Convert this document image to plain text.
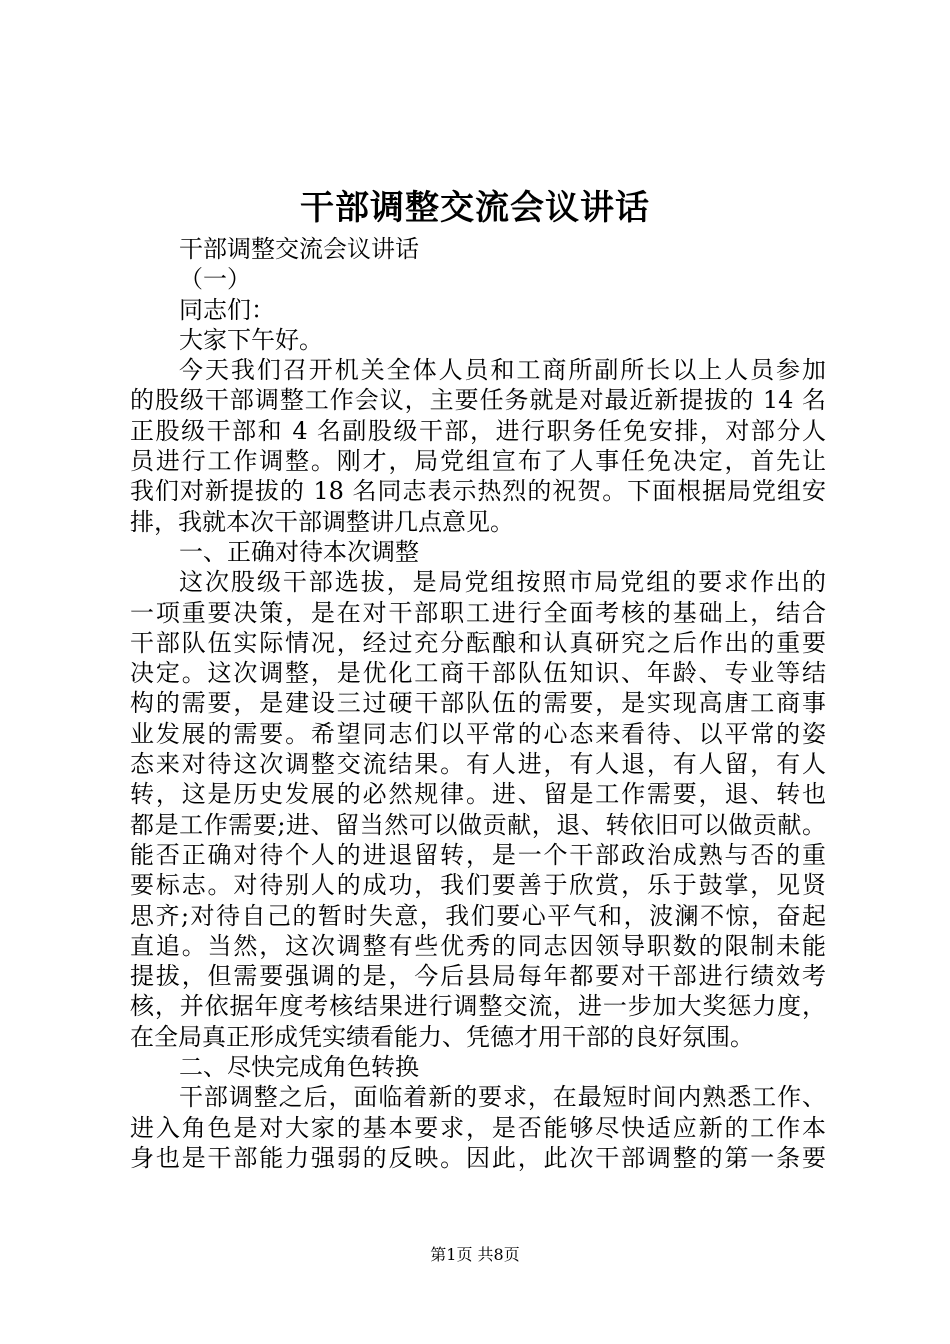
干部调整交流会议讲话
干部调整交流会议讲话
（一）
同志们：
大家下午好。
今天我们召开机关全体人员和工商所副所长以上人员参加
的股级干部调整工作会议，主要任务就是对最近新提拔的 14 名
正股级干部和 4 名副股级干部，进行职务任免安排，对部分人
员进行工作调整。刚才，局党组宣布了人事任免决定，首先让
我们对新提拔的 18 名同志表示热烈的祝贺。下面根据局党组安
排，我就本次干部调整讲几点意见。
一、正确对待本次调整
这次股级干部选拔，是局党组按照市局党组的要求作出的
一项重要决策，是在对干部职工进行全面考核的基础上，结合
干部队伍实际情况，经过充分酝酿和认真研究之后作出的重要
决定。这次调整，是优化工商干部队伍知识、年龄、专业等结
构的需要，是建设三过硬干部队伍的需要，是实现高唐工商事
业发展的需要。希望同志们以平常的心态来看待、以平常的姿
态来对待这次调整交流结果。有人进，有人退，有人留，有人
转，这是历史发展的必然规律。进、留是工作需要，退、转也
都是工作需要;进、留当然可以做贡献，退、转依旧可以做贡献。
能否正确对待个人的进退留转，是一个干部政治成熟与否的重
要标志。对待别人的成功，我们要善于欣赏，乐于鼓掌，见贤
思齐;对待自己的暂时失意，我们要心平气和，波澜不惊，奋起
直追。当然，这次调整有些优秀的同志因领导职数的限制未能
提拔，但需要强调的是，今后县局每年都要对干部进行绩效考
核，并依据年度考核结果进行调整交流，进一步加大奖惩力度，
在全局真正形成凭实绩看能力、凭德才用干部的良好氛围。
二、尽快完成角色转换
干部调整之后，面临着新的要求，在最短时间内熟悉工作、
进入角色是对大家的基本要求，是否能够尽快适应新的工作本
身也是干部能力强弱的反映。因此，此次干部调整的第一条要
第1页 共8页
